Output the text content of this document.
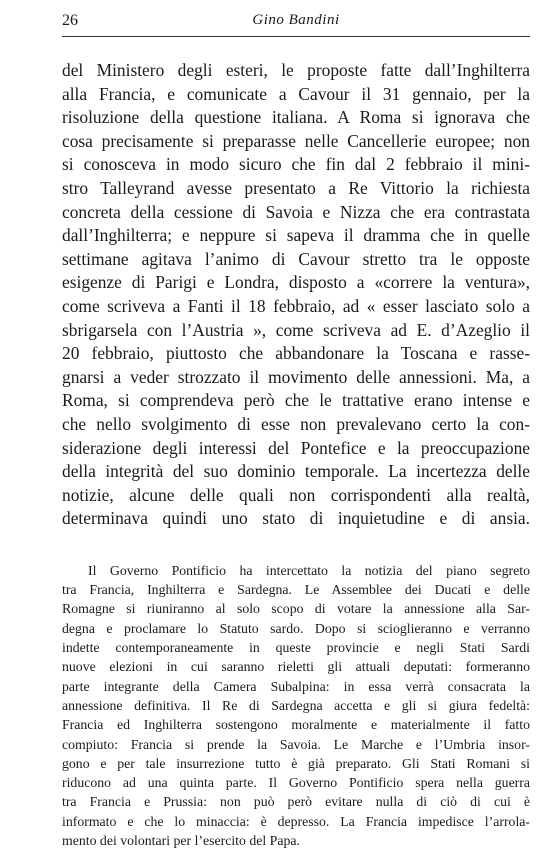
26	Gino Bandini
del Ministero degli esteri, le proposte fatte dall’Inghilterra
alla Francia, e comunicate a Cavour il 31 gennaio, per la
risoluzione della questione italiana. A Roma si ignorava che
cosa precisamente si preparasse nelle Cancellerie europee; non
si conosceva in modo sicuro che fin dal 2 febbraio il mini-
stro Talleyrand avesse presentato a Re Vittorio la richiesta
concreta della cessione di Savoia e Nizza che era contrastata
dall’Inghilterra; e neppure si sapeva il dramma che in quelle
settimane agitava l’animo di Cavour stretto tra le opposte
esigenze di Parigi e Londra, disposto a «correre la ventura»,
come scriveva a Fanti il 18 febbraio, ad « esser lasciato solo a
sbrigarsela con l’Austria », come scriveva ad E. d’Azeglio il
20 febbraio, piuttosto che abbandonare la Toscana e rasse-
gnarsi a veder strozzato il movimento delle annessioni. Ma, a
Roma, si comprendeva però che le trattative erano intense e
che nello svolgimento di esse non prevalevano certo la con-
siderazione degli interessi del Pontefice e la preoccupazione
della integrità del suo dominio temporale. La incertezza delle
notizie, alcune delle quali non corrispondenti alla realtà,
determinava quindi uno stato di inquietudine e di ansia.
Il Governo Pontificio ha intercettato la notizia del piano segreto
tra Francia, Inghilterra e Sardegna. Le Assemblee dei Ducati e delle
Romagne si riuniranno al solo scopo di votare la annessione alla Sar-
degna e proclamare lo Statuto sardo. Dopo si scioglieranno e verranno
indette contemporaneamente in queste provincie e negli Stati Sardi
nuove elezioni in cui saranno rieletti gli attuali deputati: formeranno
parte integrante della Camera Subalpina: in essa verrà consacrata la
annessione definitiva. Il Re di Sardegna accetta e gli si giura fedeltà:
Francia ed Inghilterra sostengono moralmente e materialmente il fatto
compiuto: Francia si prende la Savoia. Le Marche e l’Umbria insor-
gono e per tale insurrezione tutto è già preparato. Gli Stati Romani si
riducono ad una quinta parte. Il Governo Pontificio spera nella guerra
tra Francia e Prussia: non può però evitare nulla di ciò di cui è
informato e che lo minaccia: è depresso. La Francia impedisce l’arrola-
mento dei volontari per l’esercito del Papa.
